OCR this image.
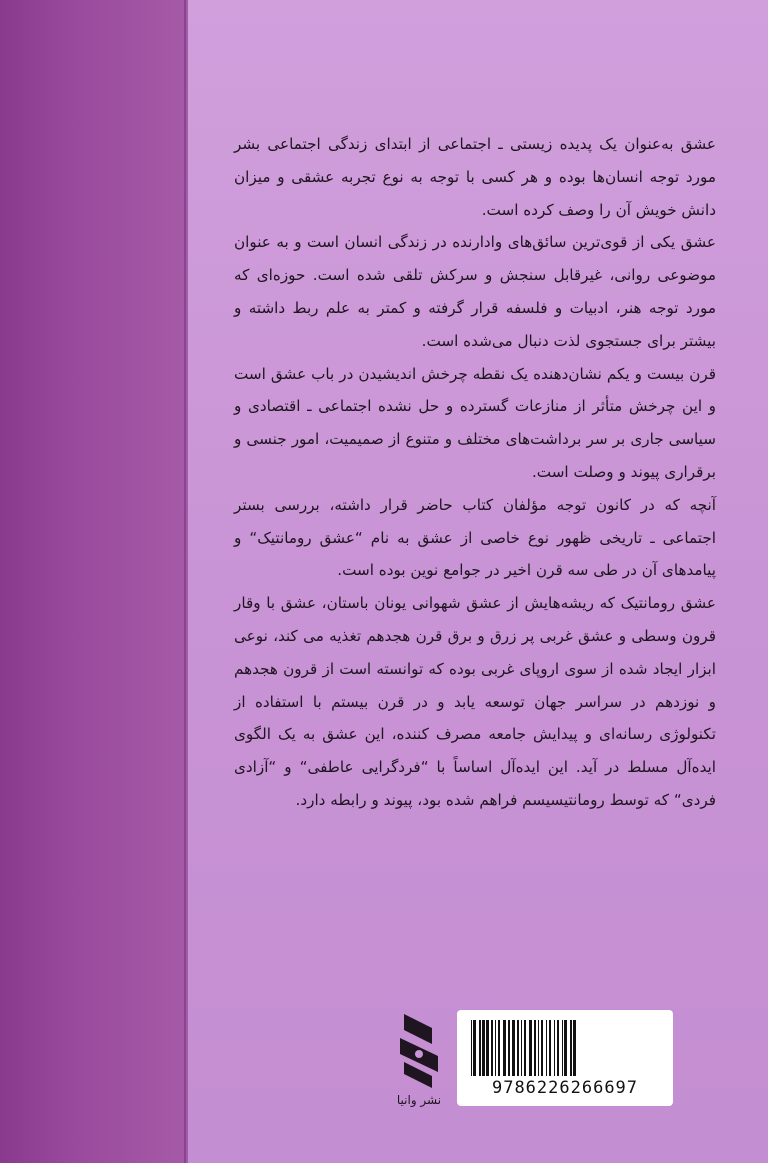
عشق به‌عنوان یک پدیده زیستی ـ اجتماعی از ابتدای زندگی اجتماعی بشر مورد توجه انسان‌ها بوده و هر کسی با توجه به نوع تجربه عشقی و میزان دانش خویش آن را وصف کرده است.

عشق یکی از قوی‌ترین سائق‌های وادارنده در زندگی انسان است و به عنوان موضوعی روانی، غیرقابل سنجش و سرکش تلقی شده است. حوزه‌ای که مورد توجه هنر، ادبیات و فلسفه قرار گرفته و کمتر به علم ربط داشته و بیشتر برای جستجوی لذت دنبال می‌شده است.

قرن بیست و یکم نشان‌دهنده یک نقطه چرخش اندیشیدن در باب عشق است و این چرخش متأثر از منازعات گسترده و حل نشده اجتماعی ـ اقتصادی و سیاسی جاری بر سر برداشت‌های مختلف و متنوع از صمیمیت، امور جنسی و برقراری پیوند و وصلت است.

آنچه که در کانون توجه مؤلفان کتاب حاضر قرار داشته، بررسی بستر اجتماعی ـ تاریخی ظهور نوع خاصی از عشق به نام “عشق رومانتیک“ و پیامدهای آن در طی سه قرن اخیر در جوامع نوین بوده است.

عشق رومانتیک که ریشه‌هایش از عشق شهوانی یونان باستان، عشق با وقار قرون وسطی و عشق غربی پر زرق و برق قرن هجدهم تغذیه می کند، نوعی ابزار ایجاد شده از سوی اروپای غربی بوده که توانسته است از قرون هجدهم و نوزدهم در سراسر جهان توسعه یابد و در قرن بیستم با استفاده از تکنولوژی رسانه‌ای و پیدایش جامعه مصرف کننده، این عشق به یک الگوی ایده‌آل مسلط در آید. این ایده‌آل اساساً با “فردگرایی عاطفی“ و “آزادی فردی“ که توسط رومانتیسیسم فراهم شده بود، پیوند و رابطه دارد.

نشر وانیا
9786226266697
